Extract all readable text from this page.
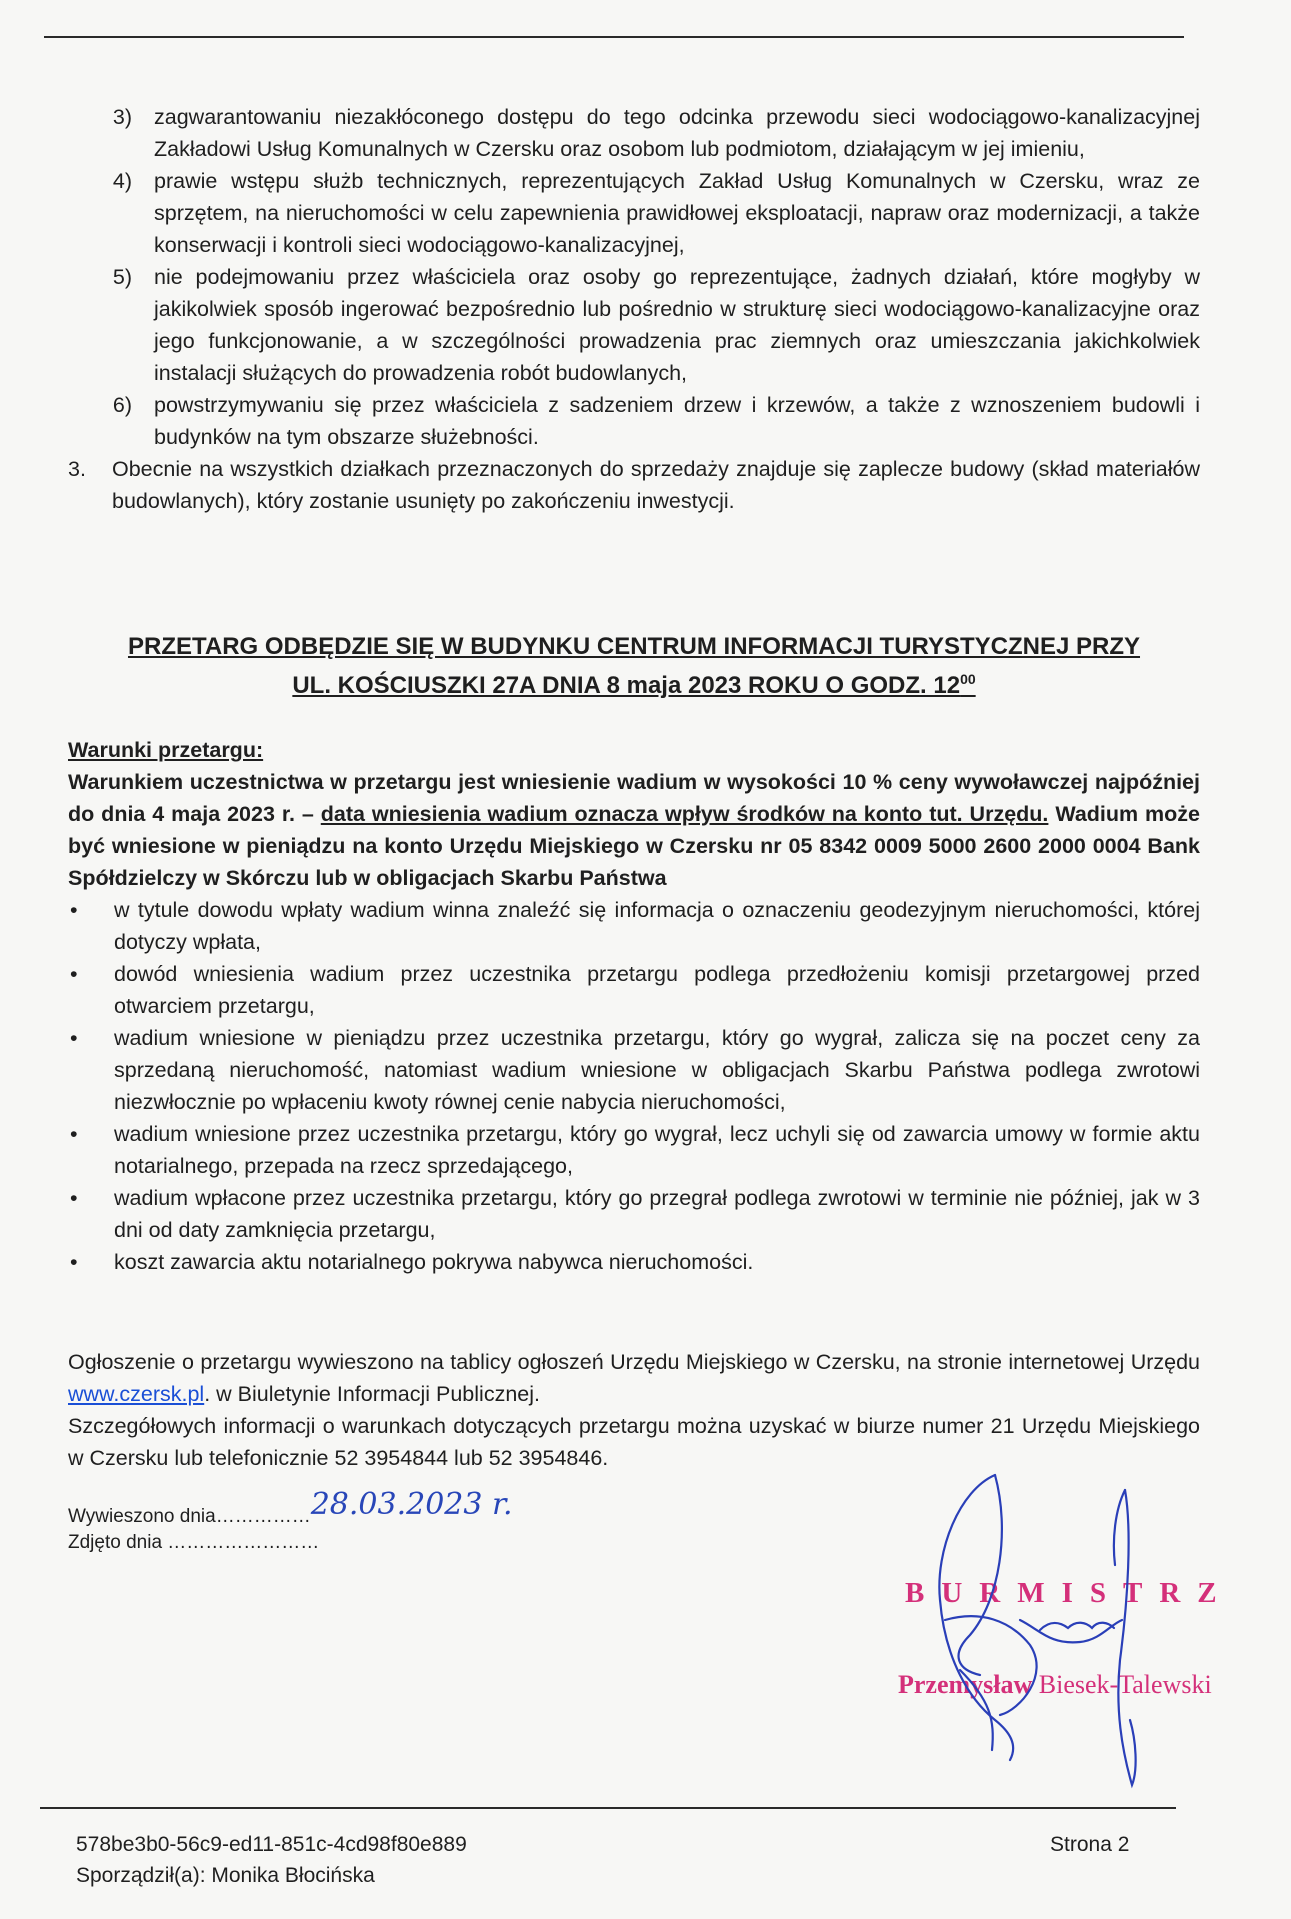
3)	zagwarantowaniu niezakłóconego dostępu do tego odcinka przewodu sieci wodociągowo-kanalizacyjnej Zakładowi Usług Komunalnych w Czersku oraz osobom lub podmiotom, działającym w jej imieniu,
4)	prawie wstępu służb technicznych, reprezentujących Zakład Usług Komunalnych w Czersku, wraz ze sprzętem, na nieruchomości w celu zapewnienia prawidłowej eksploatacji, napraw oraz modernizacji, a także konserwacji i kontroli sieci wodociągowo-kanalizacyjnej,
5)	nie podejmowaniu przez właściciela oraz osoby go reprezentujące, żadnych działań, które mogłyby w jakikolwiek sposób ingerować bezpośrednio lub pośrednio w strukturę sieci wodociągowo-kanalizacyjne oraz jego funkcjonowanie, a w szczególności prowadzenia prac ziemnych oraz umieszczania jakichkolwiek instalacji służących do prowadzenia robót budowlanych,
6)	powstrzymywaniu się przez właściciela z sadzeniem drzew i krzewów, a także z wznoszeniem budowli i budynków na tym obszarze służebności.
3.	Obecnie na wszystkich działkach przeznaczonych do sprzedaży znajduje się zaplecze budowy (skład materiałów budowlanych), który zostanie usunięty po zakończeniu inwestycji.
PRZETARG ODBĘDZIE SIĘ W BUDYNKU CENTRUM INFORMACJI TURYSTYCZNEJ PRZY
UL. KOŚCIUSZKI 27A DNIA 8 maja 2023 ROKU O GODZ. $12^{00}$
Warunki przetargu:
Warunkiem uczestnictwa w przetargu jest wniesienie wadium w wysokości 10 % ceny wywoławczej najpóźniej do dnia 4 maja 2023 r. – data wniesienia wadium oznacza wpływ środków na konto tut. Urzędu. Wadium może być wniesione w pieniądzu na konto Urzędu Miejskiego w Czersku nr 05 8342 0009 5000 2600 2000 0004 Bank Spółdzielczy w Skórczu lub w obligacjach Skarbu Państwa
•	w tytule dowodu wpłaty wadium winna znaleźć się informacja o oznaczeniu geodezyjnym nieruchomości, której dotyczy wpłata,
•	dowód wniesienia wadium przez uczestnika przetargu podlega przedłożeniu komisji przetargowej przed otwarciem przetargu,
•	wadium wniesione w pieniądzu przez uczestnika przetargu, który go wygrał, zalicza się na poczet ceny za sprzedaną nieruchomość, natomiast wadium wniesione w obligacjach Skarbu Państwa podlega zwrotowi niezwłocznie po wpłaceniu kwoty równej cenie nabycia nieruchomości,
•	wadium wniesione przez uczestnika przetargu, który go wygrał, lecz uchyli się od zawarcia umowy w formie aktu notarialnego, przepada na rzecz sprzedającego,
•	wadium wpłacone przez uczestnika przetargu, który go przegrał podlega zwrotowi w terminie nie później, jak w 3 dni od daty zamknięcia przetargu,
•	koszt zawarcia aktu notarialnego pokrywa nabywca nieruchomości.
Ogłoszenie o przetargu wywieszono na tablicy ogłoszeń Urzędu Miejskiego w Czersku, na stronie internetowej Urzędu www.czersk.pl. w Biuletynie Informacji Publicznej.
Szczegółowych informacji o warunkach dotyczących przetargu można uzyskać w biurze numer 21 Urzędu Miejskiego w Czersku lub telefonicznie 52 3954844 lub 52 3954846.
Wywieszono dnia……………28.03.2023 r.
Zdjęto dnia ……………………
BURMISTRZ
Przemysław Biesek-Talewski
578be3b0-56c9-ed11-851c-4cd98f80e889
Sporządził(a): Monika Błocińska
Strona 2
